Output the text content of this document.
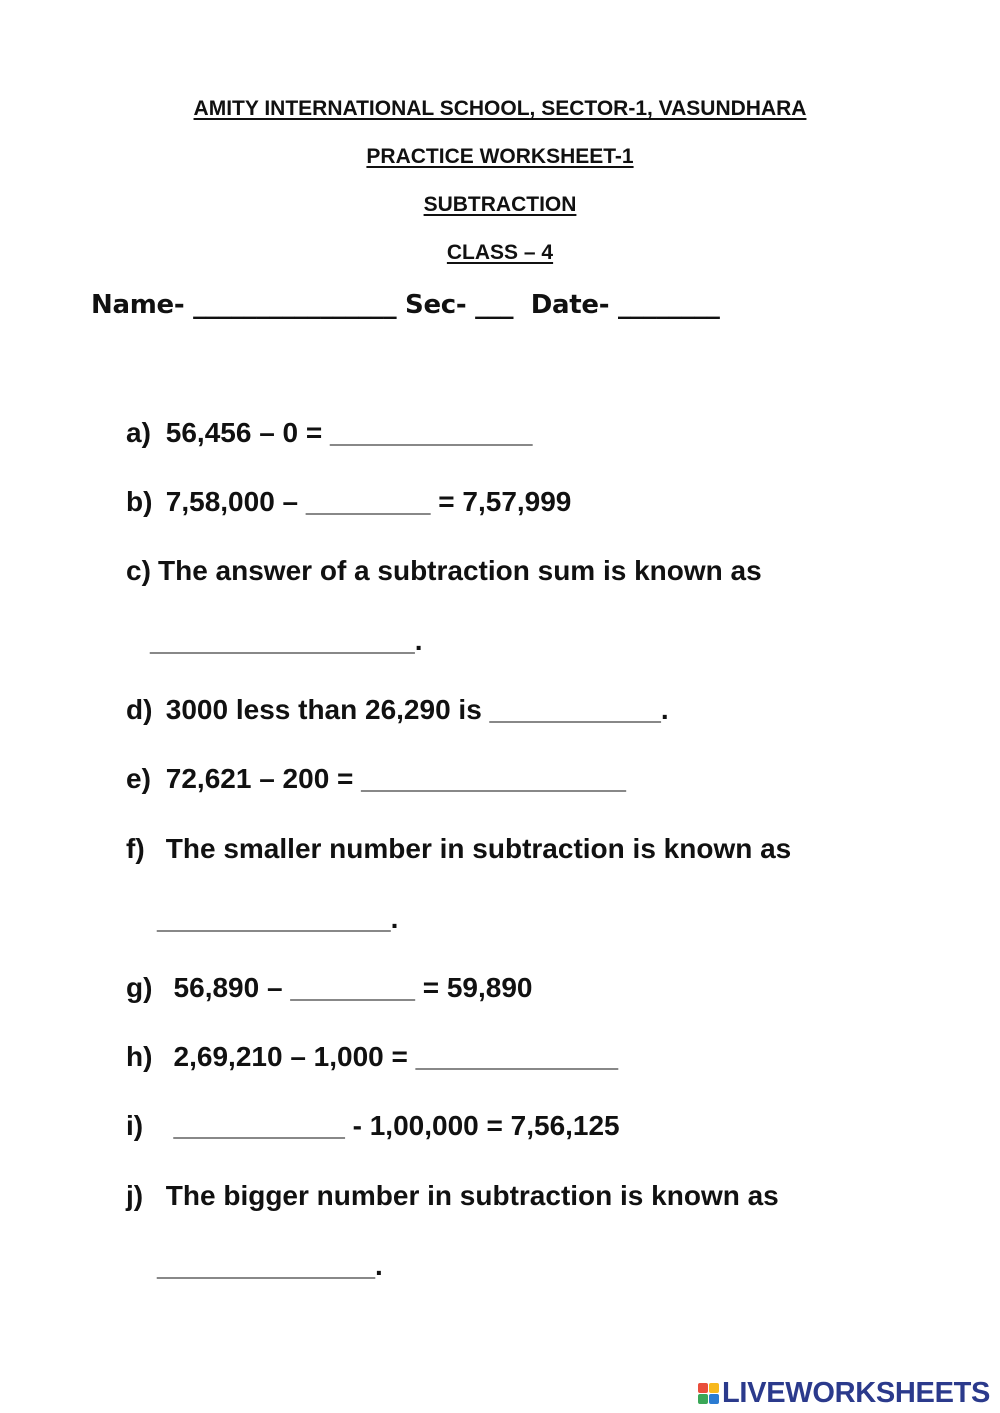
AMITY INTERNATIONAL SCHOOL, SECTOR-1, VASUNDHARA

PRACTICE WORKSHEET-1

SUBTRACTION

CLASS – 4

Name- ________________ Sec- ___  Date- ________

a) 56,456 – 0 = _____________

b) 7,58,000 – ________ = 7,57,999

c) The answer of a subtraction sum is known as

_________________.

d) 3000 less than 26,290 is ___________.

e) 72,621 – 200 = _________________

f) The smaller number in subtraction is known as

_______________.

g)  56,890 – ________ = 59,890

h)  2,69,210 – 1,000 = _____________

i)  ___________ - 1,00,000 = 7,56,125

j) The bigger number in subtraction is known as

______________.

LIVEWORKSHEETS
